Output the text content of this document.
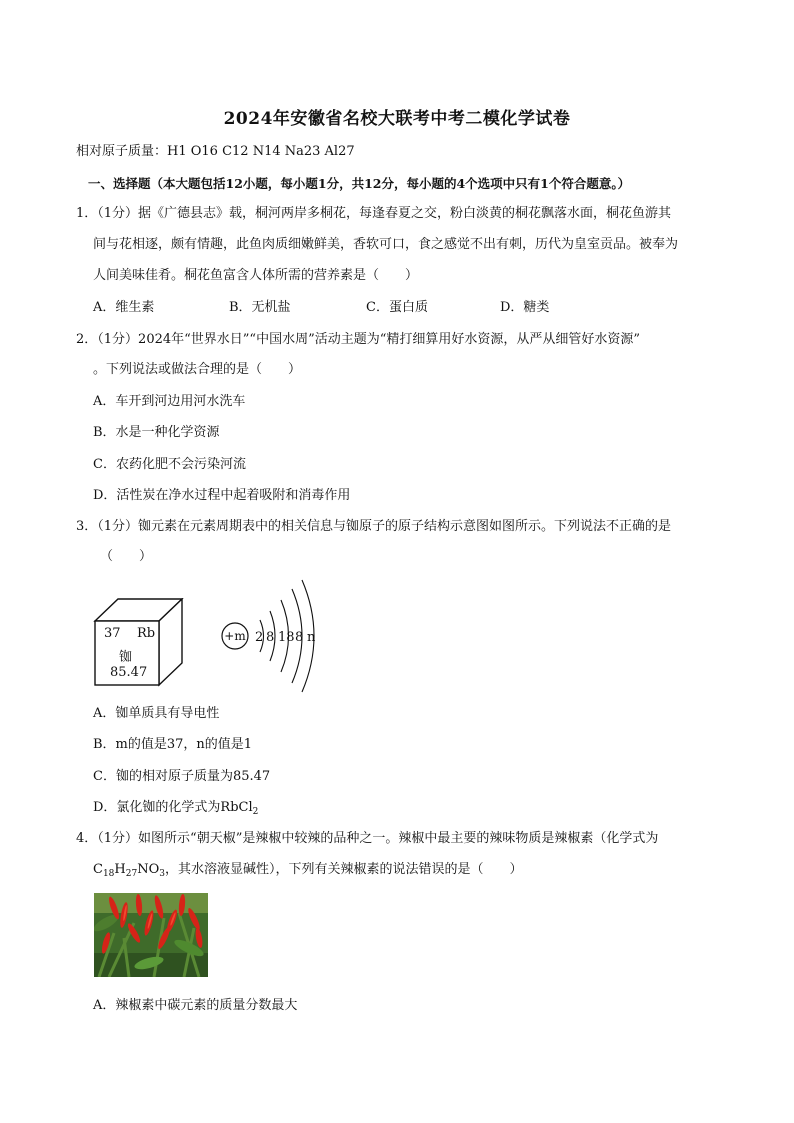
2024年安徽省名校大联考中考二模化学试卷
相对原子质量：H1 O16 C12 N14 Na23 Al27
一、选择题（本大题包括12小题，每小题1分，共12分，每小题的4个选项中只有1个符合题意。）
1．（1分）据《广德县志》载，桐河两岸多桐花，每逢春夏之交，粉白淡黄的桐花飘落水面，桐花鱼游其
间与花相逐，颇有情趣，此鱼肉质细嫩鲜美，香软可口，食之感觉不出有刺，历代为皇室贡品。被奉为
人间美味佳肴。桐花鱼富含人体所需的营养素是（　　）
A．维生素	B．无机盐	C．蛋白质	D．糖类
2．（1分）2024年“世界水日”“中国水周”活动主题为“精打细算用好水资源，从严从细管好水资源”
。下列说法或做法合理的是（　　）
A．车开到河边用河水洗车
B．水是一种化学资源
C．农药化肥不会污染河流
D．活性炭在净水过程中起着吸附和消毒作用
3．（1分）铷元素在元素周期表中的相关信息与铷原子的原子结构示意图如图所示。下列说法不正确的是
（　　）
37 Rb
铷
85.47
+m 2 8 18 8 n
A．铷单质具有导电性
B．m的值是37，n的值是1
C．铷的相对原子质量为85.47
D．氯化铷的化学式为RbCl$_2$
4．（1分）如图所示“朝天椒”是辣椒中较辣的品种之一。辣椒中最主要的辣味物质是辣椒素（化学式为
$C_{18}H_{27}NO_3$，其水溶液显碱性），下列有关辣椒素的说法错误的是（　　）
A．辣椒素中碳元素的质量分数最大
